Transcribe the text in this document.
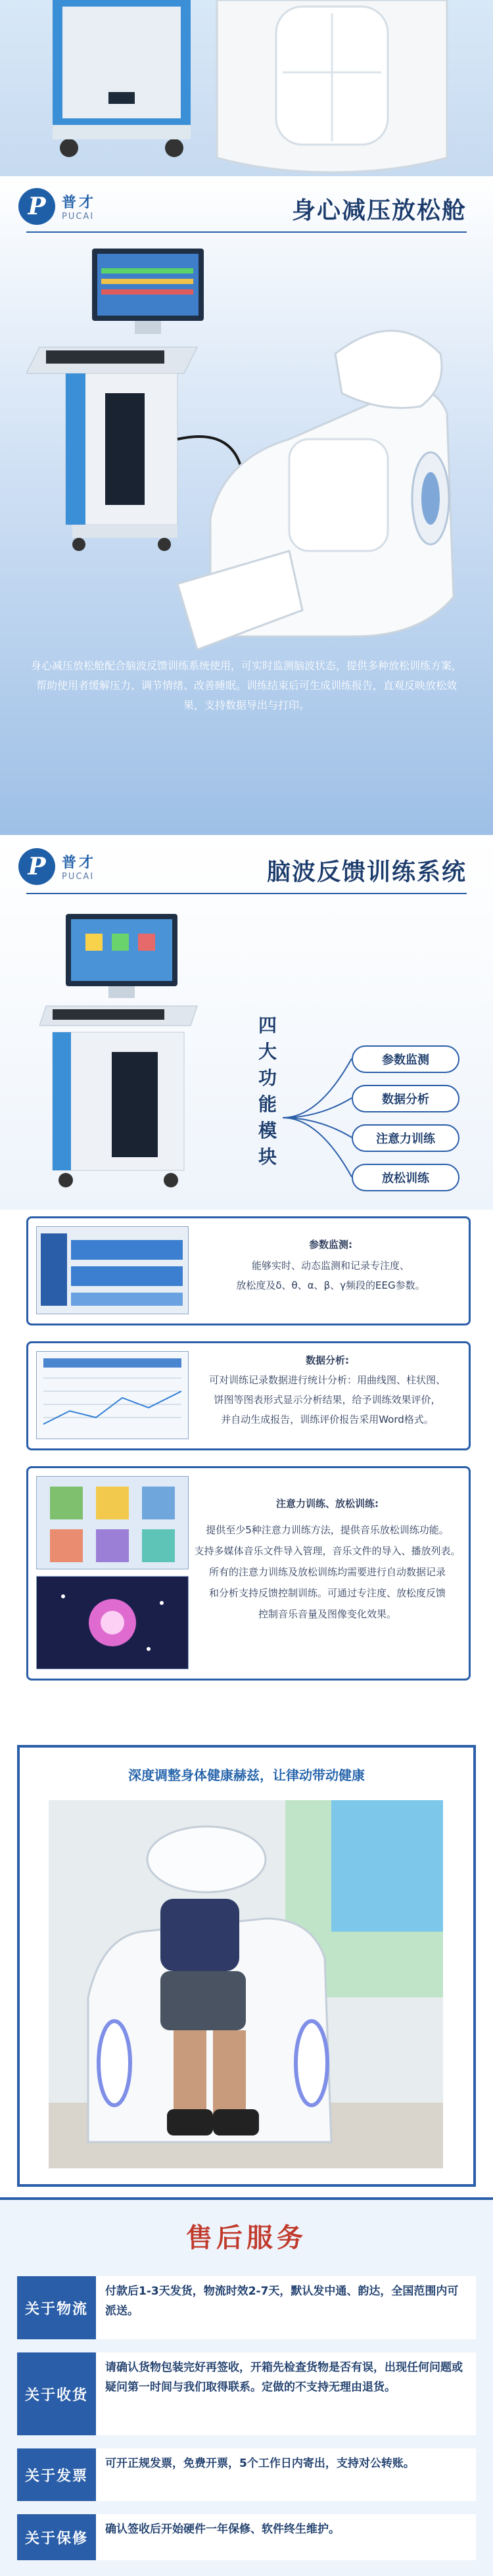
P	普才
PUCAI	身心减压放松舱
身心减压放松舱配合脑波反馈训练系统使用，可实时监测脑波状态，提供多种放松训练方案，帮助使用者缓解压力、调节情绪、改善睡眠。训练结束后可生成训练报告，直观反映放松效果，支持数据导出与打印。
P	普才
PUCAI	脑波反馈训练系统
四大功能模块
参数监测
数据分析
注意力训练
放松训练
参数监测:
能够实时、动态监测和记录专注度、
放松度及δ、θ、α、β、γ频段的EEG参数。
数据分析:
可对训练记录数据进行统计分析：用曲线图、柱状图、
饼图等图表形式显示分析结果，给予训练效果评价，
并自动生成报告，训练评价报告采用Word格式。
注意力训练、放松训练:
提供至少5种注意力训练方法，提供音乐放松训练功能。
支持多媒体音乐文件导入管理，音乐文件的导入、播放列表。
所有的注意力训练及放松训练均需要进行自动数据记录
和分析支持反馈控制训练。可通过专注度、放松度反馈
控制音乐音量及图像变化效果。
深度调整身体健康赫兹，让律动带动健康
售后服务
关于物流
付款后1-3天发货，物流时效2-7天，默认发中通、韵达，全国范围内可派送。
关于收货
请确认货物包装完好再签收，开箱先检查货物是否有误，出现任何问题或疑问第一时间与我们取得联系。定做的不支持无理由退货。
关于发票
可开正规发票，免费开票，5个工作日内寄出，支持对公转账。
关于保修
确认签收后开始硬件一年保修、软件终生维护。
